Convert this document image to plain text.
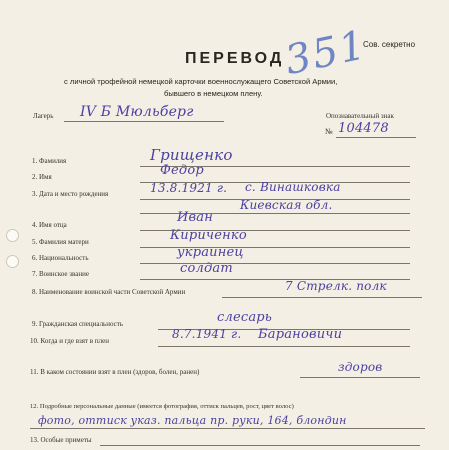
Сов. секретно
351
ПЕРЕВОД
с личной трофейной немецкой карточки военнослужащего Советской Армии,
бывшего в немецком плену.
Лагерь IV Б Мюльберг	Опознавательный знак
№ 104478
1. Фамилия	Грищенко
2. Имя	Федор
3. Дата и место рождения	13.8.1921 г. с. Винашковка
Киевская обл.
4. Имя отца	Иван
5. Фамилия матери	Кириченко
6. Национальность	украинец
7. Воинское звание	солдат
8. Наименование воинской части Советской Армии	7 Стрелк. полк
9. Гражданская специальность	слесарь
10. Когда и где взят в плен	8.7.1941 г. Барановичи
11. В каком состоянии взят в плен (здоров, болен, ранен)	здоров
12. Подробные персональные данные (имеется фотография, оттиск пальцев, рост, цвет волос)
фото, оттиск указ. пальца пр. руки, 164, блондин
13. Особые приметы
